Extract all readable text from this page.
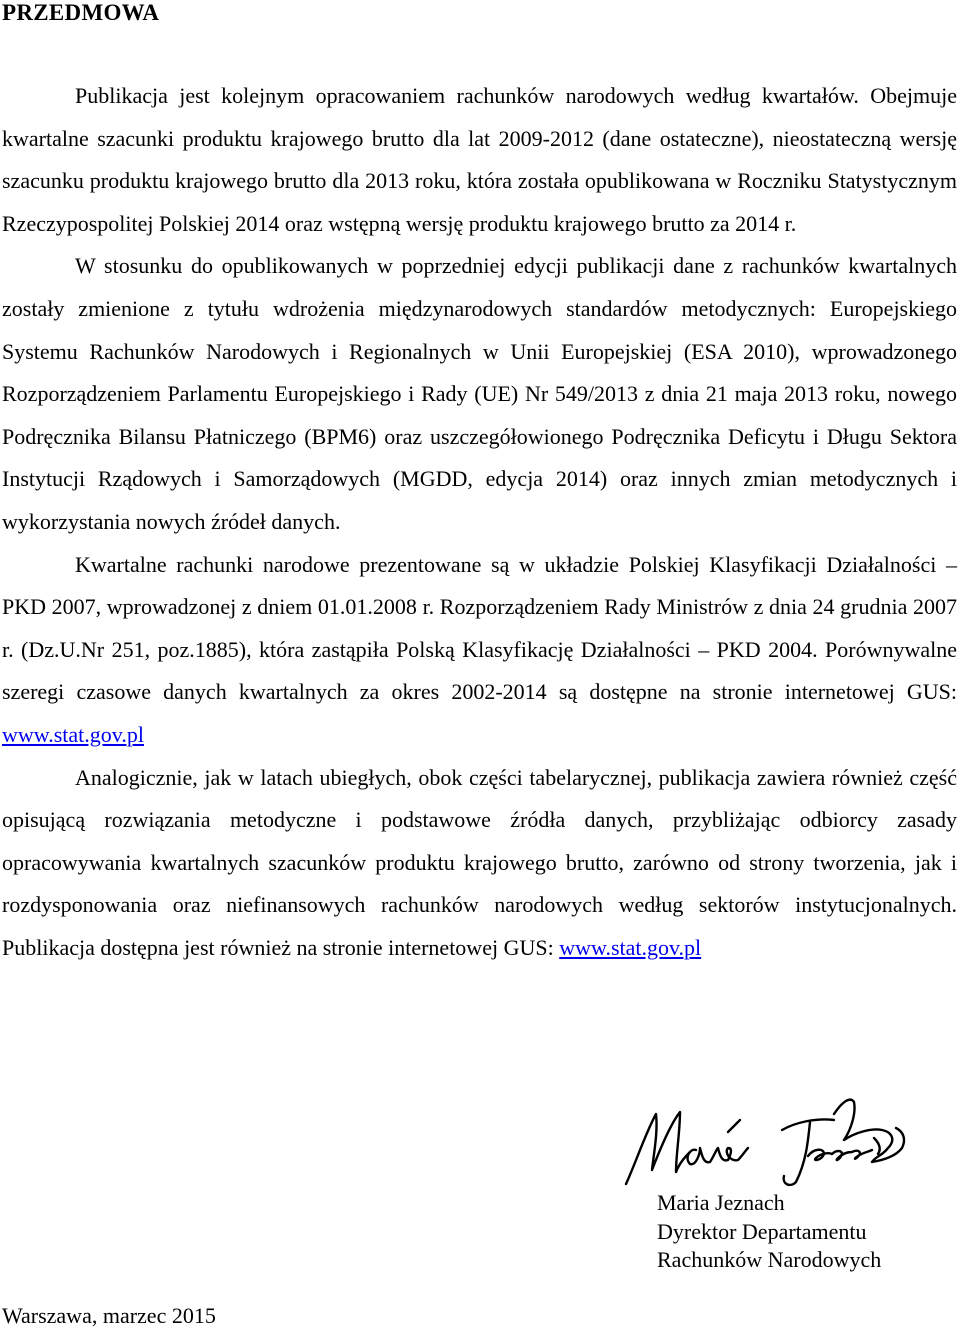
PRZEDMOWA

Publikacja jest kolejnym opracowaniem rachunków narodowych według kwartałów. Obejmuje kwartalne szacunki produktu krajowego brutto dla lat 2009-2012 (dane ostateczne), nieostateczną wersję szacunku produktu krajowego brutto dla 2013 roku, która została opublikowana w Roczniku Statystycznym Rzeczypospolitej Polskiej 2014 oraz wstępną wersję produktu krajowego brutto za 2014 r.

W stosunku do opublikowanych w poprzedniej edycji publikacji dane z rachunków kwartalnych zostały zmienione z tytułu wdrożenia międzynarodowych standardów metodycznych: Europejskiego Systemu Rachunków Narodowych i Regionalnych w Unii Europejskiej (ESA 2010), wprowadzonego Rozporządzeniem Parlamentu Europejskiego i Rady (UE) Nr 549/2013 z dnia 21 maja 2013 roku, nowego Podręcznika Bilansu Płatniczego (BPM6) oraz uszczegółowionego Podręcznika Deficytu i Długu Sektora Instytucji Rządowych i Samorządowych (MGDD, edycja 2014) oraz innych zmian metodycznych i wykorzystania nowych źródeł danych.

Kwartalne rachunki narodowe prezentowane są w układzie Polskiej Klasyfikacji Działalności – PKD 2007, wprowadzonej z dniem 01.01.2008 r. Rozporządzeniem Rady Ministrów z dnia 24 grudnia 2007 r. (Dz.U.Nr 251, poz.1885), która zastąpiła Polską Klasyfikację Działalności – PKD 2004. Porównywalne szeregi czasowe danych kwartalnych za okres 2002-2014 są dostępne na stronie internetowej GUS: www.stat.gov.pl

Analogicznie, jak w latach ubiegłych, obok części tabelarycznej, publikacja zawiera również część opisującą rozwiązania metodyczne i podstawowe źródła danych, przybliżając odbiorcy zasady opracowywania kwartalnych szacunków produktu krajowego brutto, zarówno od strony tworzenia, jak i rozdysponowania oraz niefinansowych rachunków narodowych według sektorów instytucjonalnych. Publikacja dostępna jest również na stronie internetowej GUS: www.stat.gov.pl

Maria Jeznach
Dyrektor Departamentu
Rachunków Narodowych
Warszawa, marzec 2015
